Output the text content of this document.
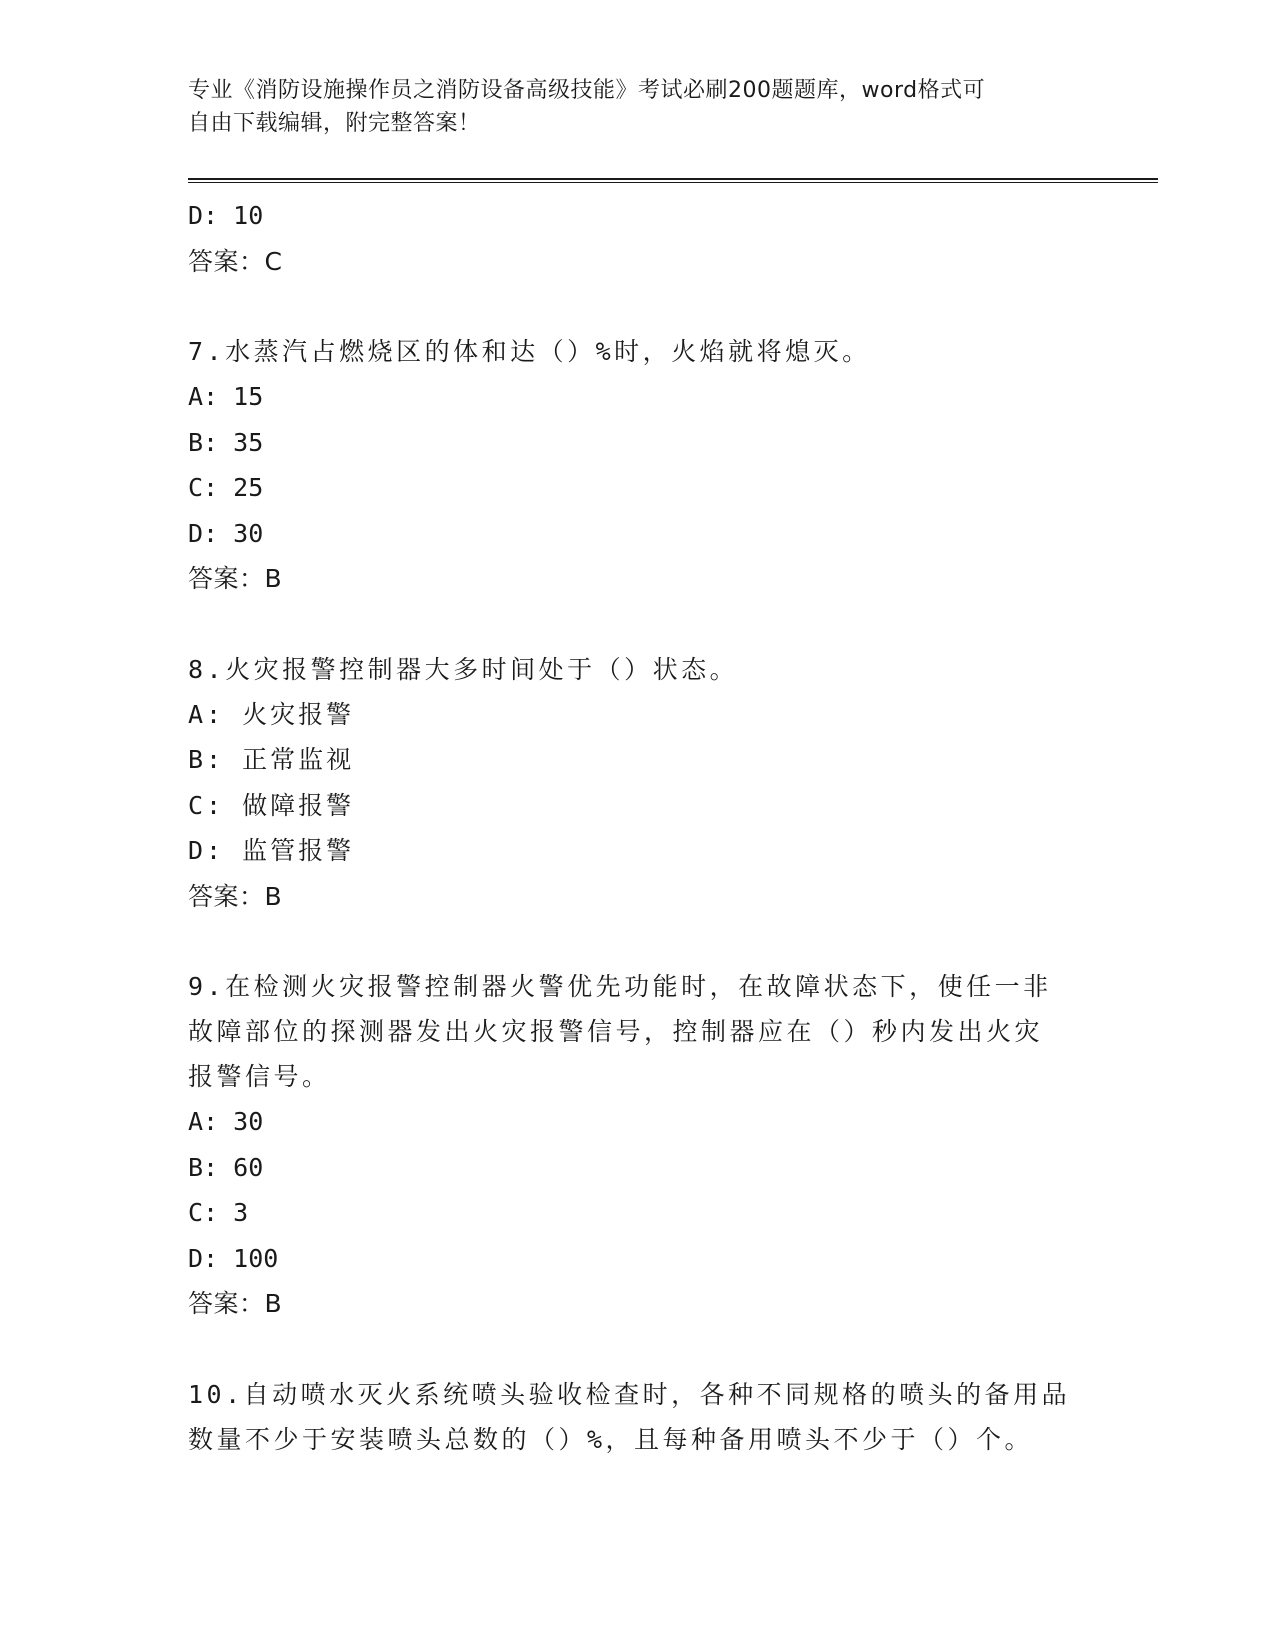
专业《消防设施操作员之消防设备高级技能》考试必刷200题题库，word格式可
自由下载编辑，附完整答案！
D: 10
答案：C
7.水蒸汽占燃烧区的体和达（）%时，火焰就将熄灭。
A: 15
B: 35
C: 25
D: 30
答案：B
8.火灾报警控制器大多时间处于（）状态。
A: 火灾报警
B: 正常监视
C: 做障报警
D: 监管报警
答案：B
9.在检测火灾报警控制器火警优先功能时，在故障状态下，使任一非
故障部位的探测器发出火灾报警信号，控制器应在（）秒内发出火灾
报警信号。
A: 30
B: 60
C: 3
D: 100
答案：B
10.自动喷水灭火系统喷头验收检查时，各种不同规格的喷头的备用品
数量不少于安装喷头总数的（）%，且每种备用喷头不少于（）个。
